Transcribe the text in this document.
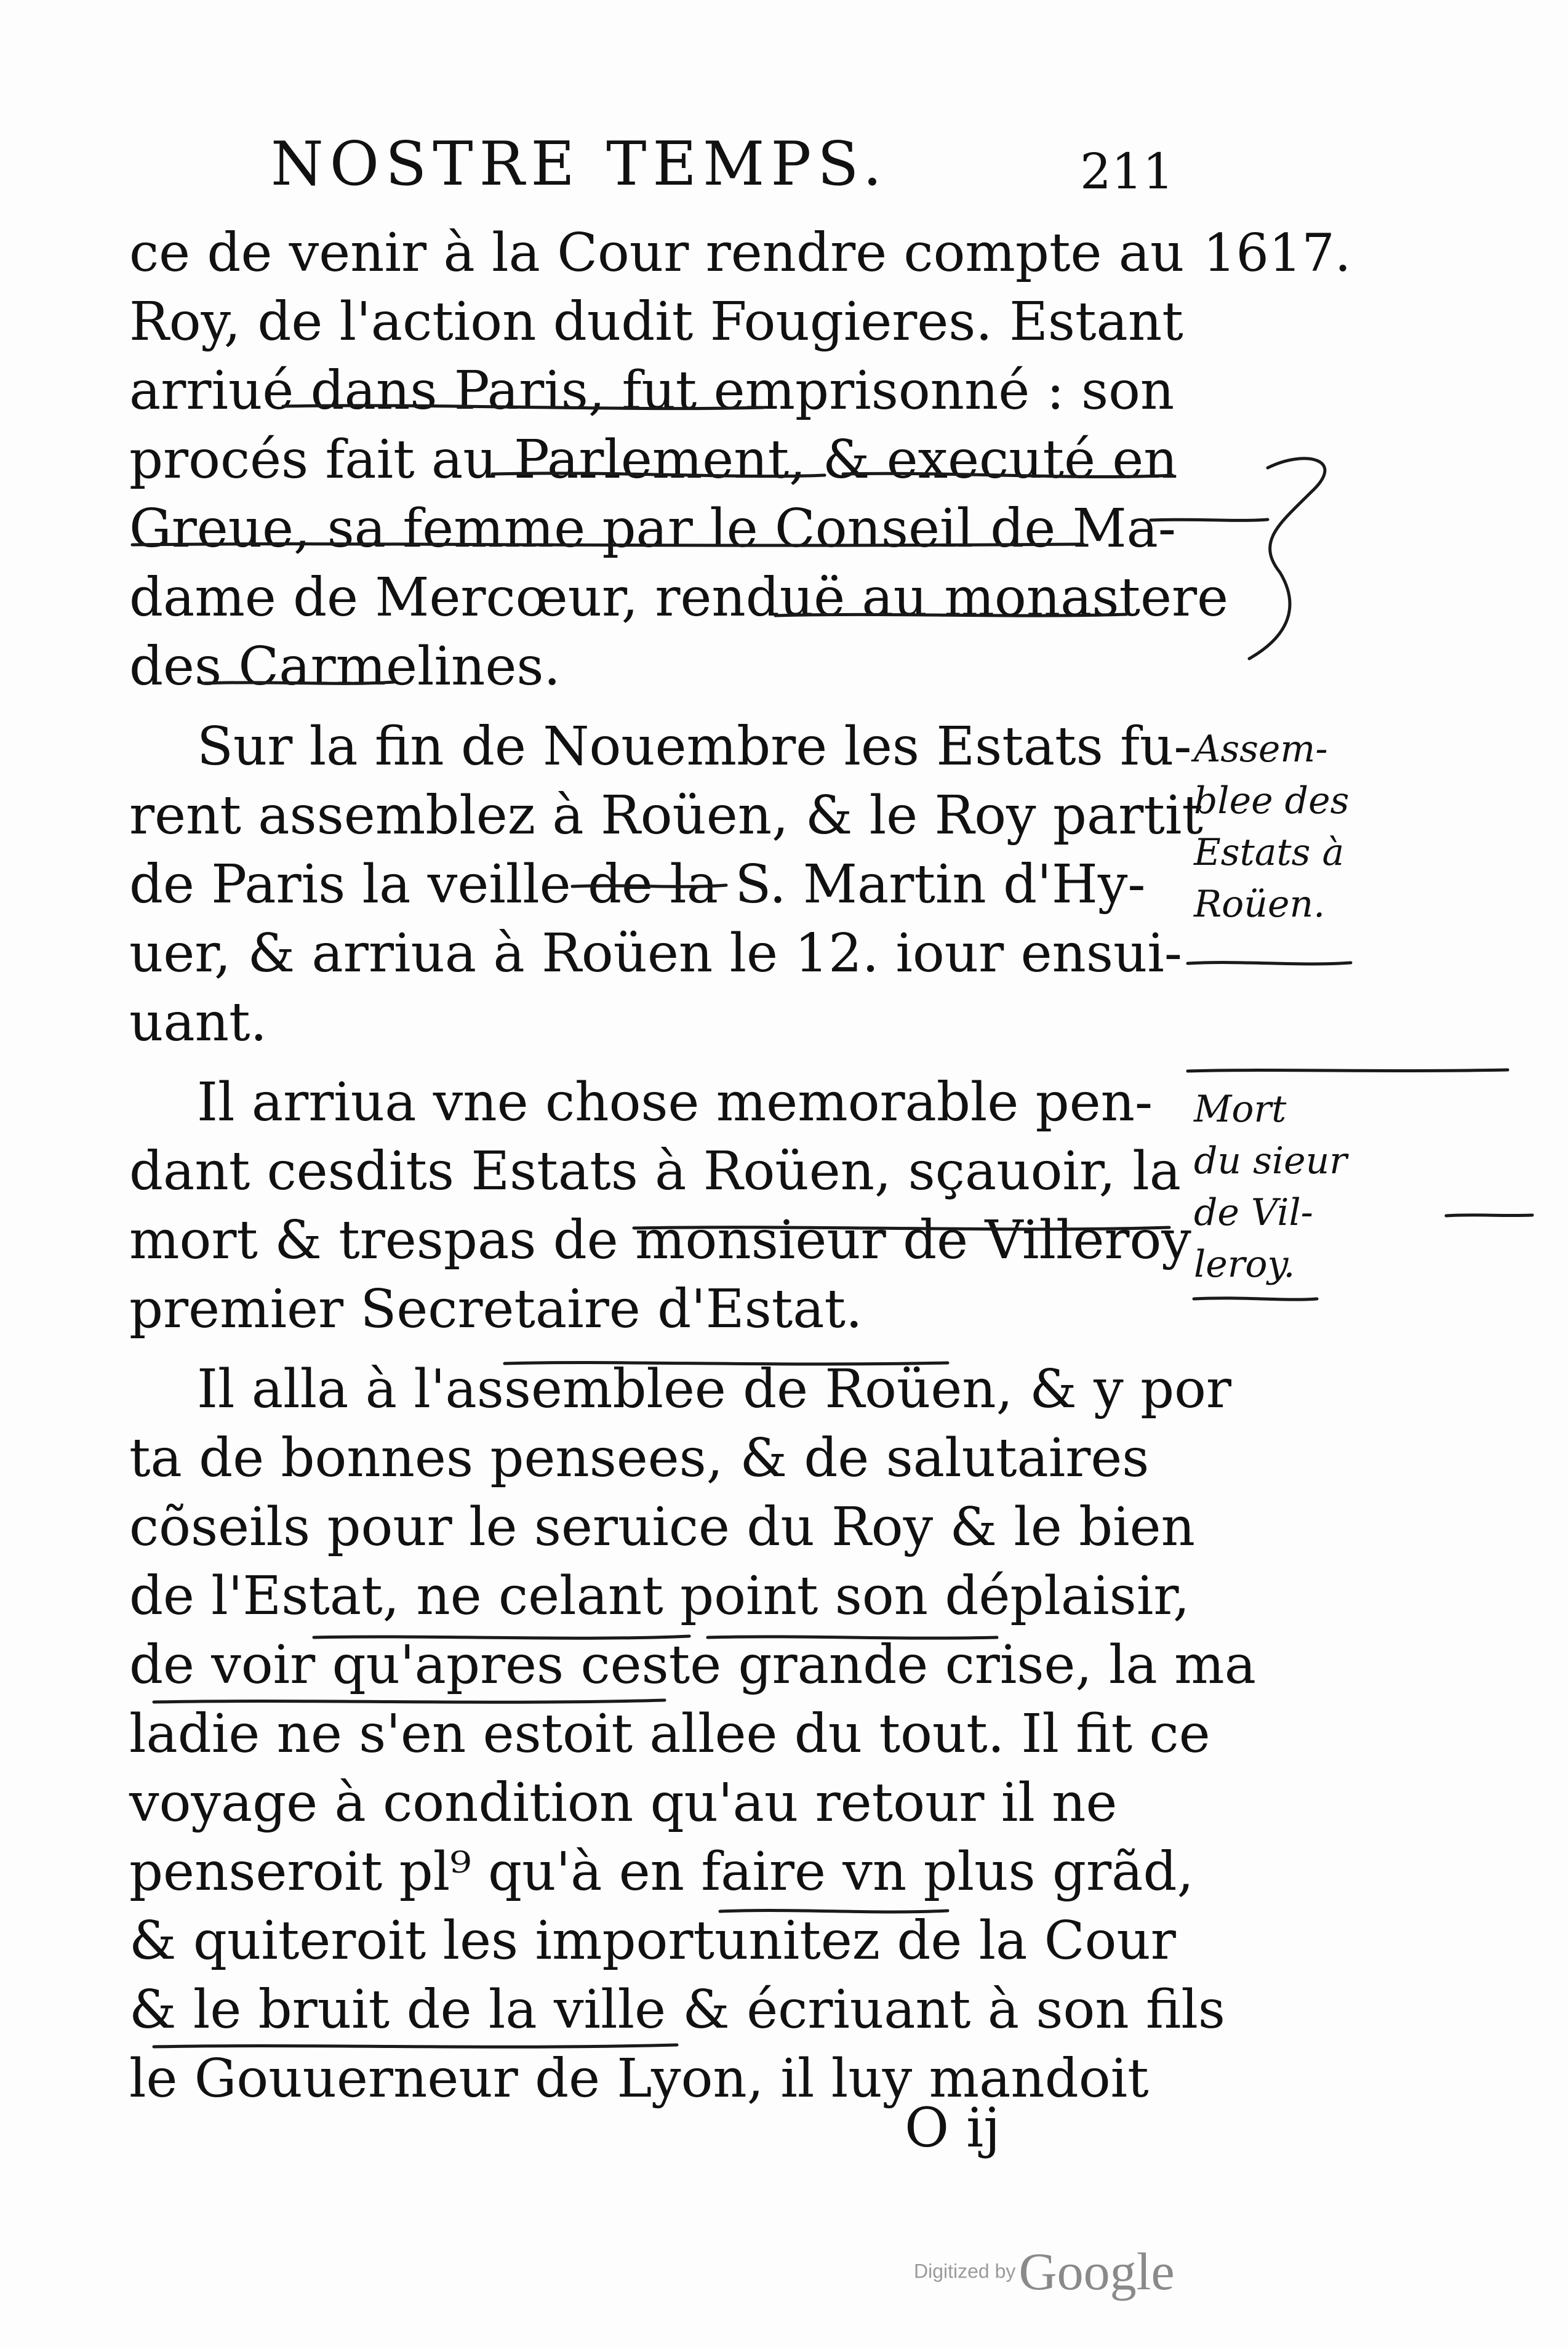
NOSTRE TEMPS.	211
1617.
ce de venir à la Cour rendre compte au
Roy, de l'action dudit Fougieres. Estant
arriué dans Paris, fut emprisonné : son
procés fait au Parlement, & executé en
Greue, sa femme par le Conseil de Ma-
dame de Mercœur, renduë au monastere
des Carmelines.
Sur la fin de Nouembre les Estats fu-
rent assemblez à Roüen, & le Roy partit
de Paris la veille de la S. Martin d'Hy-
uer, & arriua à Roüen le 12. iour ensui-
uant.
Il arriua vne chose memorable pen-
dant cesdits Estats à Roüen, sçauoir, la
mort & trespas de monsieur de Villeroy
premier Secretaire d'Estat.
Il alla à l'assemblee de Roüen, & y por
ta de bonnes pensees, & de salutaires
cõseils pour le seruice du Roy & le bien
de l'Estat, ne celant point son déplaisir,
de voir qu'apres ceste grande crise, la ma
ladie ne s'en estoit allee du tout. Il fit ce
voyage à condition qu'au retour il ne
penseroit pl⁹ qu'à en faire vn plus grãd,
& quiteroit les importunitez de la Cour
& le bruit de la ville & écriuant à son fils
le Gouuerneur de Lyon, il luy mandoit
Assem-
blee des
Estats à
Roüen.
Mort
du sieur
de Vil-
leroy.
O ij
Digitized by Google
